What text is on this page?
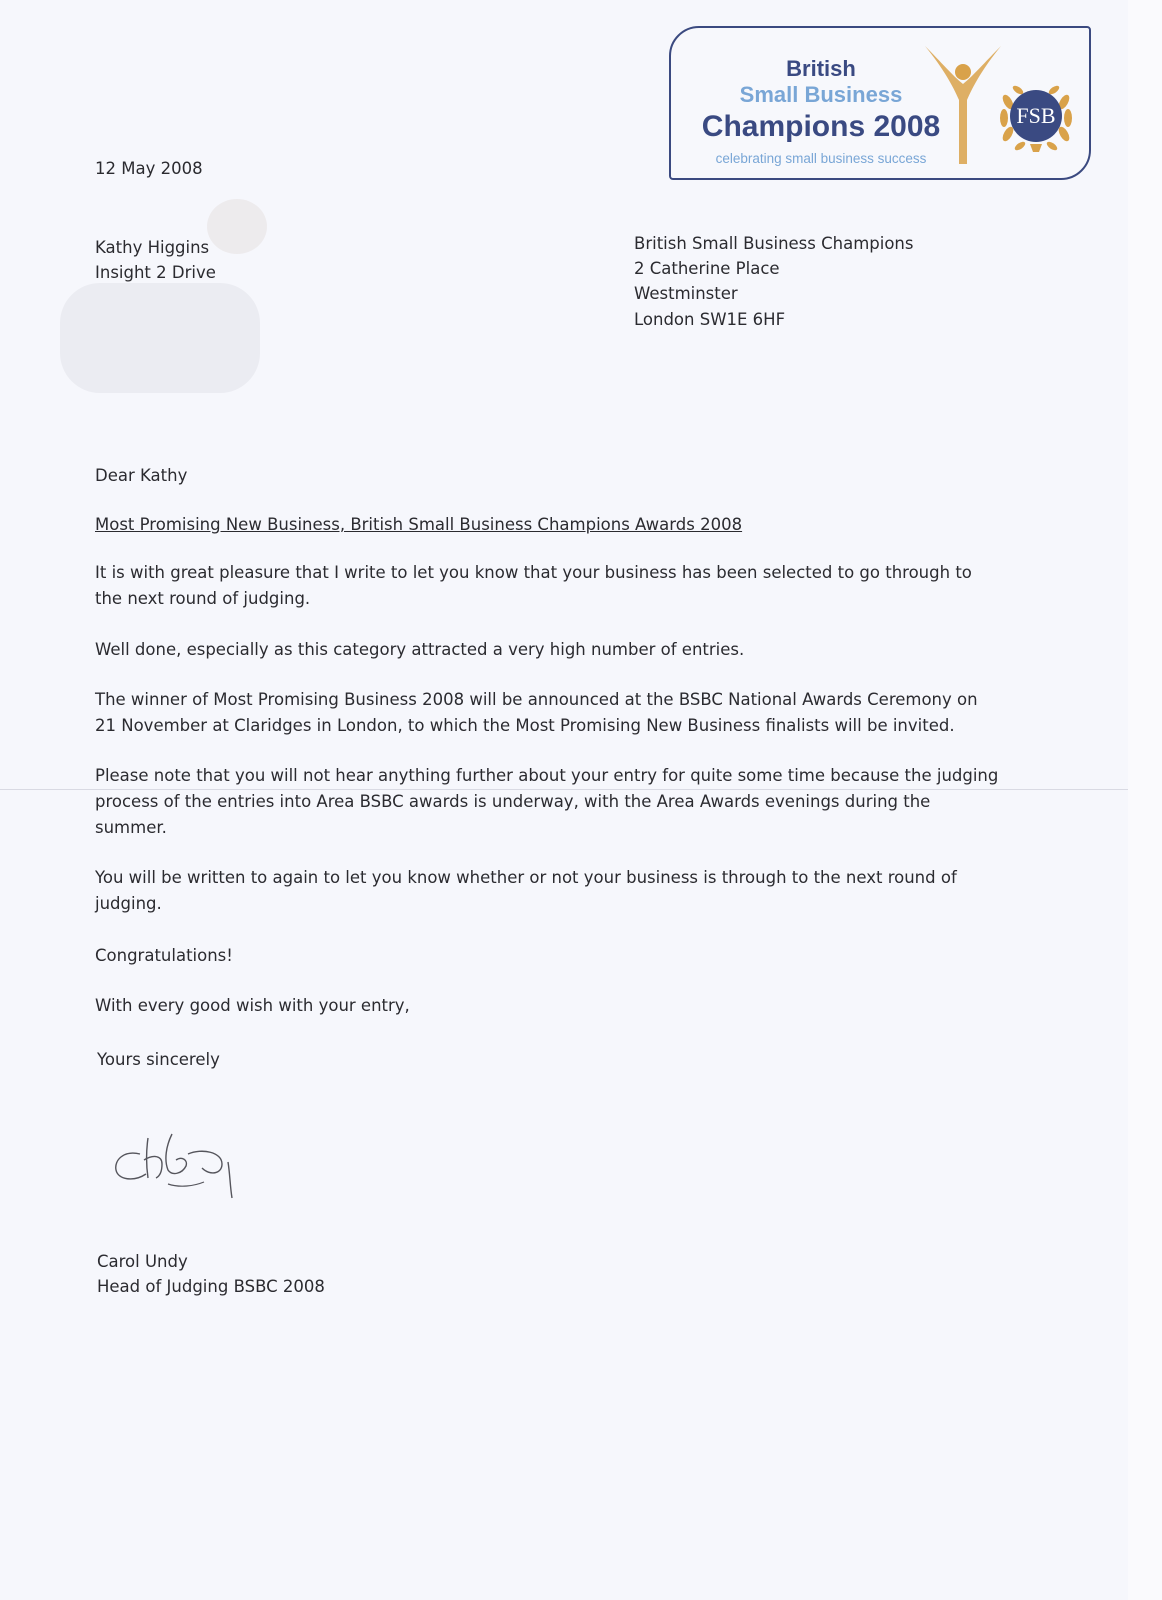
British
Small Business
Champions 2008
celebrating small business success
FSB
12 May 2008
Kathy Higgins
Insight 2 Drive
British Small Business Champions
2 Catherine Place
Westminster
London SW1E 6HF
Dear Kathy
Most Promising New Business, British Small Business Champions Awards 2008
It is with great pleasure that I write to let you know that your business has been selected to go through to the next round of judging.
Well done, especially as this category attracted a very high number of entries.
The winner of Most Promising Business 2008 will be announced at the BSBC National Awards Ceremony on 21 November at Claridges in London, to which the Most Promising New Business finalists will be invited.
Please note that you will not hear anything further about your entry for quite some time because the judging process of the entries into Area BSBC awards is underway, with the Area Awards evenings during the summer.
You will be written to again to let you know whether or not your business is through to the next round of judging.
Congratulations!
With every good wish with your entry,
Yours sincerely
Carol Undy
Head of Judging BSBC 2008
